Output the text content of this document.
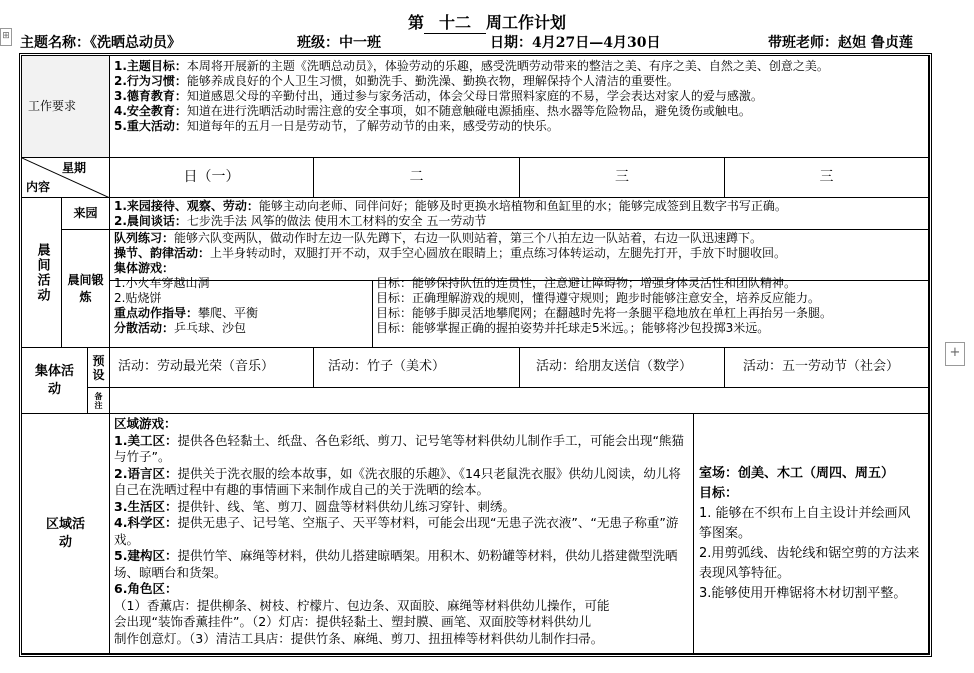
⊞
+
第 十二 周工作计划
主题名称：《洗晒总动员》	班级：中一班	日期：4月27日—4月30日	带班老师：赵妲 鲁贞莲
工作要求
1.主题目标：本周将开展新的主题《洗晒总动员》，体验劳动的乐趣，感受洗晒劳动带来的整洁之美、有序之美、自然之美、创意之美。
2.行为习惯：能够养成良好的个人卫生习惯，如勤洗手、勤洗澡、勤换衣物，理解保持个人清洁的重要性。
3.德育教育：知道感恩父母的辛勤付出，通过参与家务活动，体会父母日常照料家庭的不易，学会表达对家人的爱与感激。
4.安全教育：知道在进行洗晒活动时需注意的安全事项，如不随意触碰电源插座、热水器等危险物品，避免烫伤或触电。
5.重大活动：知道每年的五月一日是劳动节，了解劳动节的由来，感受劳动的快乐。
星期
内容
日（一）	二	三	三
晨间活动
来园	1.来园接待、观察、劳动：能够主动向老师、同伴问好；能够及时更换水培植物和鱼缸里的水；能够完成签到且数字书写正确。
2.晨间谈话：七步洗手法 风筝的做法 使用木工材料的安全 五一劳动节
晨间锻炼
队列练习：能够六队变两队，做动作时左边一队先蹲下，右边一队则站着，第三个八拍左边一队站着，右边一队迅速蹲下。
操节、韵律活动：上半身转动时，双腿打开不动，双手空心圆放在眼睛上；重点练习体转运动，左腿先打开，手放下时腿收回。
集体游戏：
1.小火车穿越山洞	目标：能够保持队伍的连贯性，注意避让障碍物；增强身体灵活性和团队精神。
2.贴烧饼	目标：正确理解游戏的规则，懂得遵守规则；跑步时能够注意安全，培养反应能力。
重点动作指导：攀爬、平衡	目标：能够手脚灵活地攀爬网；在翻越时先将一条腿平稳地放在单杠上再抬另一条腿。
分散活动：乒乓球、沙包	目标：能够掌握正确的握拍姿势并托球走5米远。；能够将沙包投掷3米远。
集体活动
预设
备注
活动：劳动最光荣（音乐）	活动：竹子（美术）	活动：给朋友送信（数学）	活动：五一劳动节（社会）
区域活动
区域游戏：
1.美工区：提供各色轻黏土、纸盘、各色彩纸、剪刀、记号笔等材料供幼儿制作手工，可能会出现“熊猫与竹子”。
2.语言区：提供关于洗衣服的绘本故事，如《洗衣服的乐趣》、《14只老鼠洗衣服》供幼儿阅读，幼儿将自己在洗晒过程中有趣的事情画下来制作成自己的关于洗晒的绘本。
3.生活区：提供针、线、笔、剪刀、圆盘等材料供幼儿练习穿针、刺绣。
4.科学区：提供无患子、记号笔、空瓶子、天平等材料，可能会出现“无患子洗衣液”、“无患子称重”游戏。
5.建构区：提供竹竿、麻绳等材料，供幼儿搭建晾晒架。用积木、奶粉罐等材料，供幼儿搭建微型洗晒场、晾晒台和货架。
6.角色区：
（1）香薰店：提供柳条、树枝、柠檬片、包边条、双面胶、麻绳等材料供幼儿操作，可能
会出现“装饰香薰挂件”。（2）灯店：提供轻黏土、塑封膜、画笔、双面胶等材料供幼儿
制作创意灯。（3）清洁工具店：提供竹条、麻绳、剪刀、扭扭棒等材料供幼儿制作扫帚。
室场：创美、木工（周四、周五）
目标：
1. 能够在不织布上自主设计并绘画风筝图案。
2.用剪弧线、齿轮线和锯空剪的方法来表现风筝特征。
3.能够使用开榫锯将木材切割平整。
